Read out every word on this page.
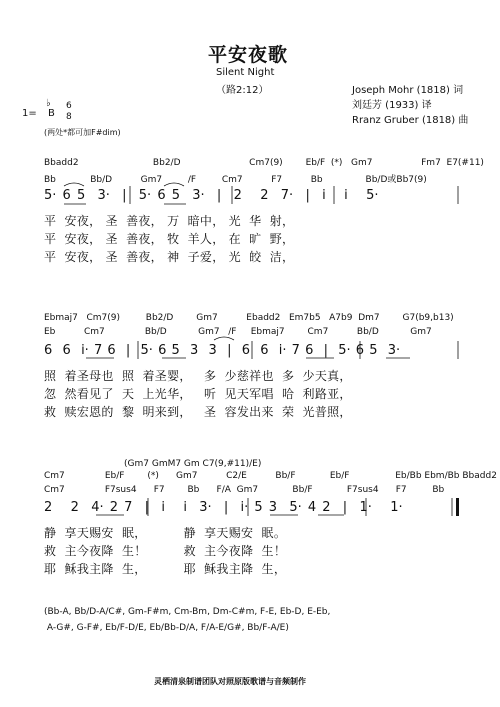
平安夜歌
Silent Night
（路2:12）	Joseph Mohr (1818) 词
刘廷芳 (1933) 译
Rranz Gruber (1818) 曲
1=
♭
B
6
8
(两处*都可加F#dim)
Bbadd2                          Bb2/D                        Cm7(9)        Eb/F  (*)   Gm7                 Fm7  E7(#11)
Bb            Bb/D          Gm7         /F         Cm7          F7          Bb               Bb/D或Bb7(9)
5· 6 5  3·  |  5· 6 5  3·  |  2   2  7·  |  i   i   5·
平  安夜， 圣  善夜， 万  暗中， 光  华  射，
平  安夜， 圣  善夜， 牧  羊人， 在  旷  野，
平  安夜， 圣  善夜， 神  子爱， 光  皎  洁，
Ebmaj7   Cm7(9)         Bb2/D        Gm7          Ebadd2   Em7b5   A7b9  Dm7        G7(b9,b13)
Eb          Cm7              Bb/D           Gm7   /F     Ebmaj7        Cm7          Bb/D           Gm7
6  6  i· 7 6  |  5· 6 5  3  3  |  6  6  i· 7 6  |  5· 6 5  3·
照  着圣母也  照  着圣婴，   多  少慈祥也  多  少天真，
忽  然看见了  天  上光华，   听  见天军唱  哈  利路亚，
救  赎宏恩的  黎  明来到，   圣  容发出来  荣  光普照，
(Gm7 GmM7 Gm C7(9,#11)/E)
Cm7              Eb/F        (*)      Gm7          C2/E          Bb/F            Eb/F                Eb/Bb Ebm/Bb Bbadd2
Cm7              F7sus4      F7        Bb      F/A  Gm7            Bb/F            F7sus4      F7         Bb
2   2  4· 2 7  |  i   i  3·  |  i· 5 3  5· 4 2  |  1·   1·
静  享天赐安  眠，         静  享天赐安  眠。
救  主今夜降  生！         救  主今夜降  生！
耶  稣我主降  生，         耶  稣我主降  生，
(Bb-A, Bb/D-A/C#, Gm-F#m, Cm-Bm, Dm-C#m, F-E, Eb-D, E-Eb,
A-G#, G-F#, Eb/F-D/E, Eb/Bb-D/A, F/A-E/G#, Bb/F-A/E)
灵栖清泉制谱团队对照原版歌谱与音频制作
